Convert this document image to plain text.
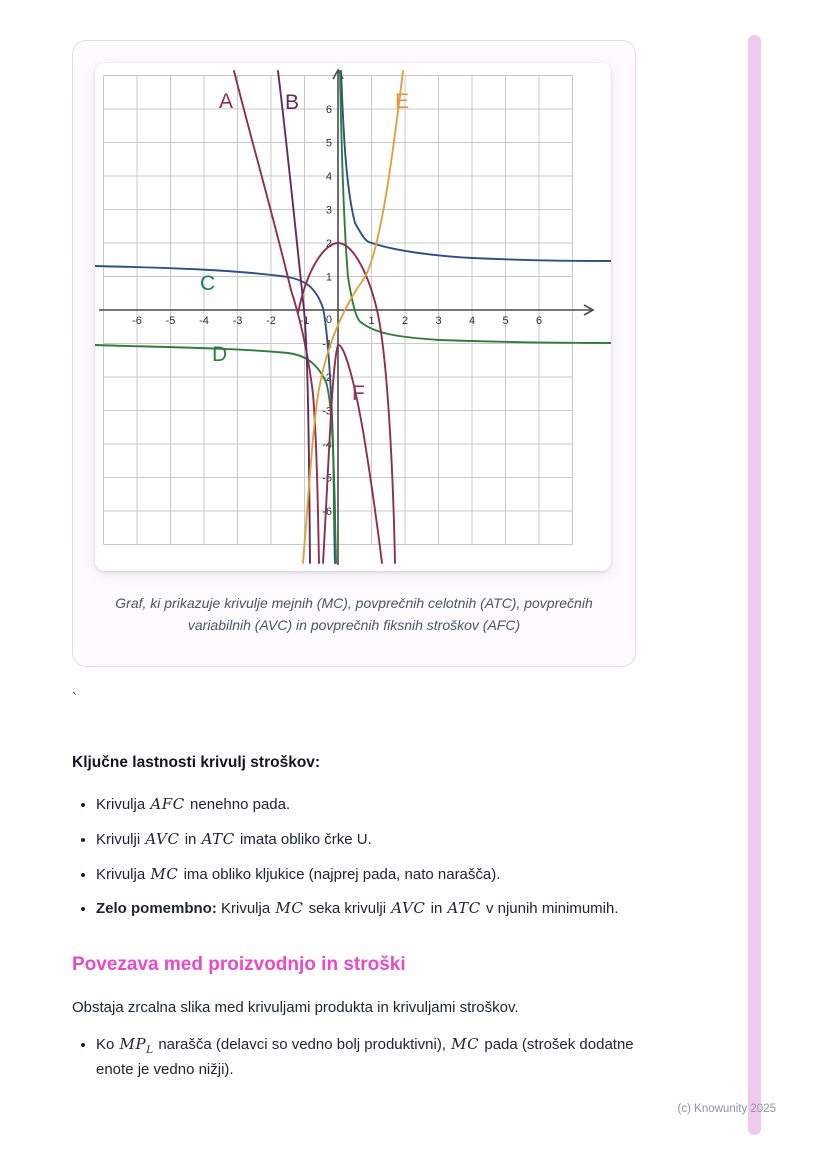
-6 -5 -4 -3 -2 -1	1 2 3 4 5 6
1
2
3
4
5
6
-1
-2
-3
-4
-5
-6
0
A B	E
C
D
F
Graf, ki prikazuje krivulje mejnih (MC), povprečnih celotnih (ATC), povprečnih variabilnih (AVC) in povprečnih fiksnih stroškov (AFC)
`
Ključne lastnosti krivulj stroškov:
• Krivulja AFC nenehno pada.
• Krivulji AVC in ATC imata obliko črke U.
• Krivulja MC ima obliko kljukice (najprej pada, nato narašča).
• Zelo pomembno: Krivulja MC seka krivulji AVC in ATC v njunih minimumih.
Povezava med proizvodnjo in stroški

Obstaja zrcalna slika med krivuljami produkta in krivuljami stroškov.

• Ko $MP_L$ narašča (delavci so vedno bolj produktivni), MC pada (strošek dodatne enote je vedno nižji).
(c) Knowunity 2025
